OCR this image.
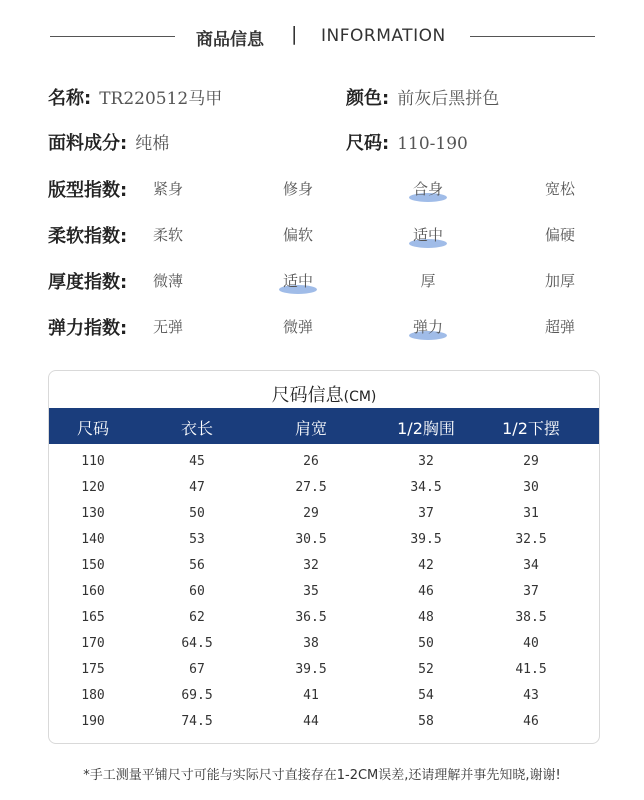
商品信息 | INFORMATION
名称: TR220512马甲	颜色: 前灰后黑拼色
面料成分: 纯棉	尺码: 110-190
版型指数: 紧身	修身	合身	宽松
柔软指数: 柔软	偏软	适中	偏硬
厚度指数: 微薄	适中	厚	加厚
弹力指数: 无弹	微弹	弹力	超弹
尺码信息(CM)
尺码	衣长	肩宽	1/2胸围	1/2下摆
110	45	26	32	29
120	47	27.5	34.5	30
130	50	29	37	31
140	53	30.5	39.5	32.5
150	56	32	42	34
160	60	35	46	37
165	62	36.5	48	38.5
170	64.5	38	50	40
175	67	39.5	52	41.5
180	69.5	41	54	43
190	74.5	44	58	46
*手工测量平铺尺寸可能与实际尺寸直接存在1-2CM误差,还请理解并事先知晓,谢谢!
